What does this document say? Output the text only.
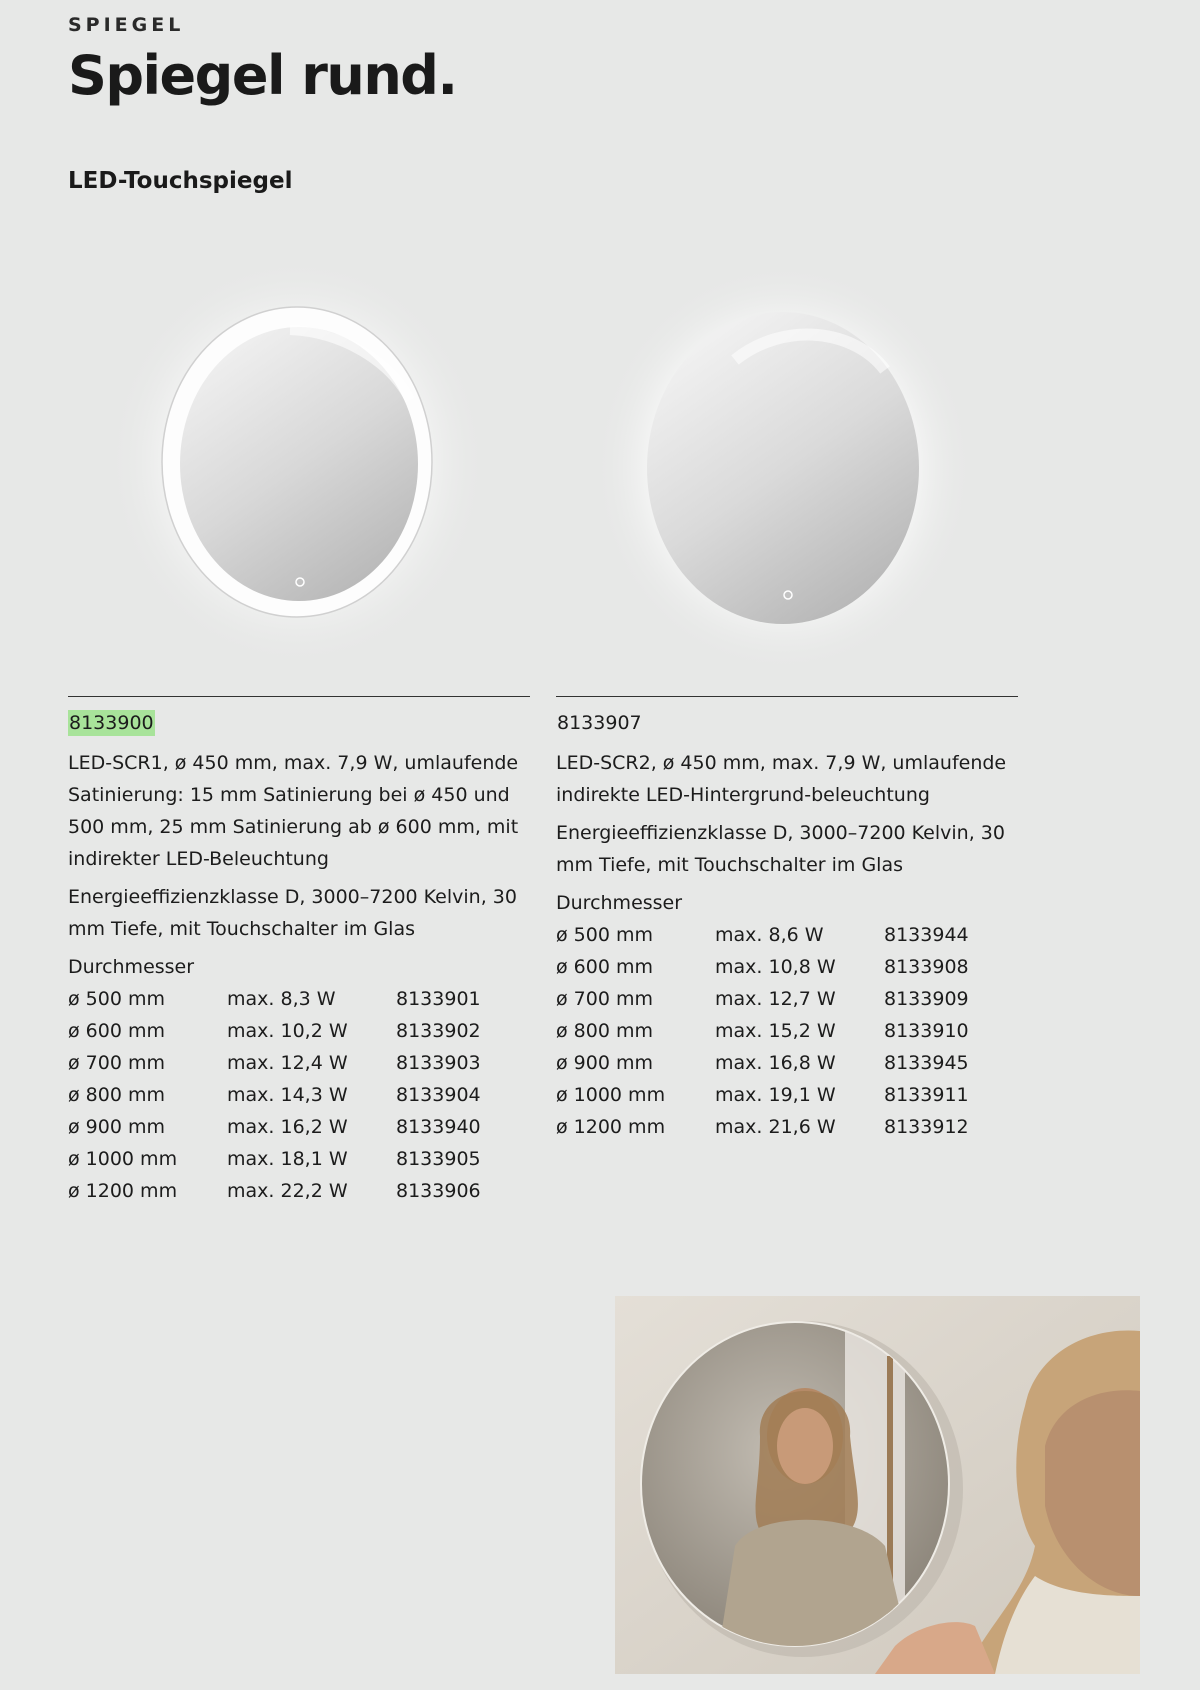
SPIEGEL
Spiegel rund.
LED-Touchspiegel
8133900

LED-SCR1, ø 450 mm, max. 7,9 W, umlaufende Satinierung: 15 mm Satinierung bei ø 450 und 500 mm, 25 mm Satinierung ab ø 600 mm, mit indirekter LED-Beleuchtung

Energieeffizienzklasse D, 3000–7200 Kelvin, 30 mm Tiefe, mit Touchschalter im Glas

Durchmesser
ø 500 mm	max. 8,3 W	8133901
ø 600 mm	max. 10,2 W	8133902
ø 700 mm	max. 12,4 W	8133903
ø 800 mm	max. 14,3 W	8133904
ø 900 mm	max. 16,2 W	8133940
ø 1000 mm	max. 18,1 W	8133905
ø 1200 mm	max. 22,2 W	8133906
8133907

LED-SCR2, ø 450 mm, max. 7,9 W, umlaufende indirekte LED-Hintergrund-beleuchtung

Energieeffizienzklasse D, 3000–7200 Kelvin, 30 mm Tiefe, mit Touchschalter im Glas

Durchmesser
ø 500 mm	max. 8,6 W	8133944
ø 600 mm	max. 10,8 W	8133908
ø 700 mm	max. 12,7 W	8133909
ø 800 mm	max. 15,2 W	8133910
ø 900 mm	max. 16,8 W	8133945
ø 1000 mm	max. 19,1 W	8133911
ø 1200 mm	max. 21,6 W	8133912
